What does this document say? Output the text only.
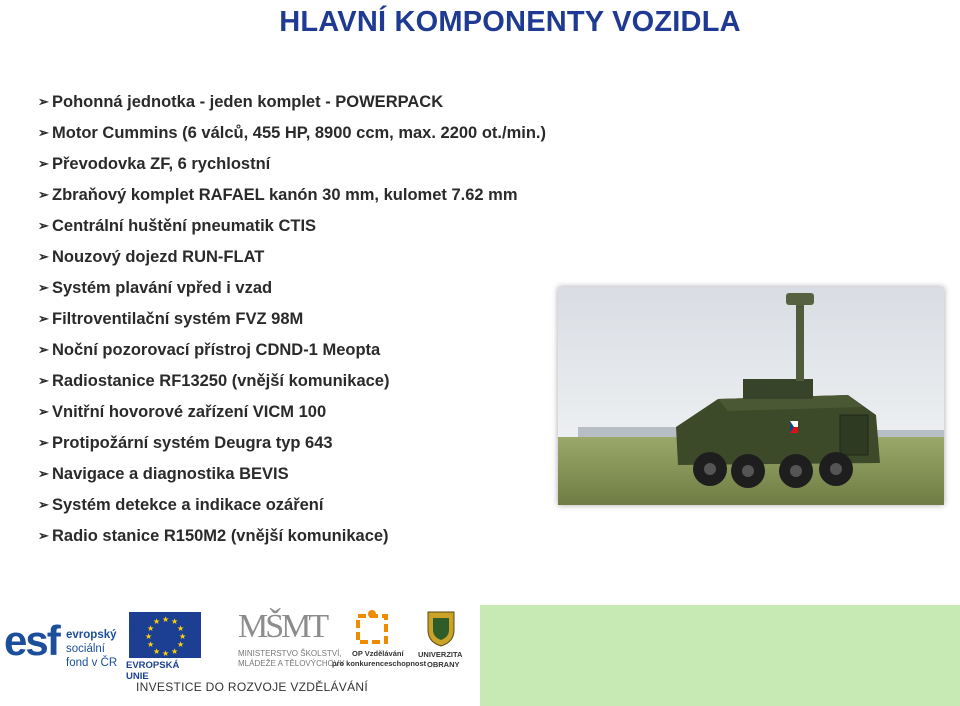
HLAVNÍ KOMPONENTY VOZIDLA
➢ Pohonná jednotka - jeden komplet - POWERPACK
➢ Motor Cummins (6 válců, 455 HP, 8900 ccm, max. 2200 ot./min.)
➢ Převodovka ZF, 6 rychlostní
➢ Zbraňový komplet RAFAEL kanón 30 mm, kulomet 7.62 mm
➢ Centrální huštění pneumatik CTIS
➢ Nouzový dojezd RUN-FLAT
➢ Systém plavání vpřed i vzad
➢ Filtroventilační systém FVZ 98M
➢ Noční pozorovací přístroj CDND-1 Meopta
➢ Radiostanice RF13250 (vnější komunikace)
➢ Vnitřní hovorové zařízení VICM 100
➢ Protipožární systém Deugra typ 643
➢ Navigace a diagnostika BEVIS
➢ Systém detekce a indikace ozáření
➢ Radio stanice R150M2 (vnější komunikace)
esf evropský
sociální
fond v ČR
★ ★
★
★
★
★
★
★
★
★
★
★
EVROPSKÁ UNIE
MŠMT
MINISTERSTVO ŠKOLSTVÍ,
MLÁDEŽE A TĚLOVÝCHOVY
OP Vzdělávání
pro konkurenceschopnost
UNIVERZITA
OBRANY
INVESTICE DO ROZVOJE VZDĚLÁVÁNÍ
